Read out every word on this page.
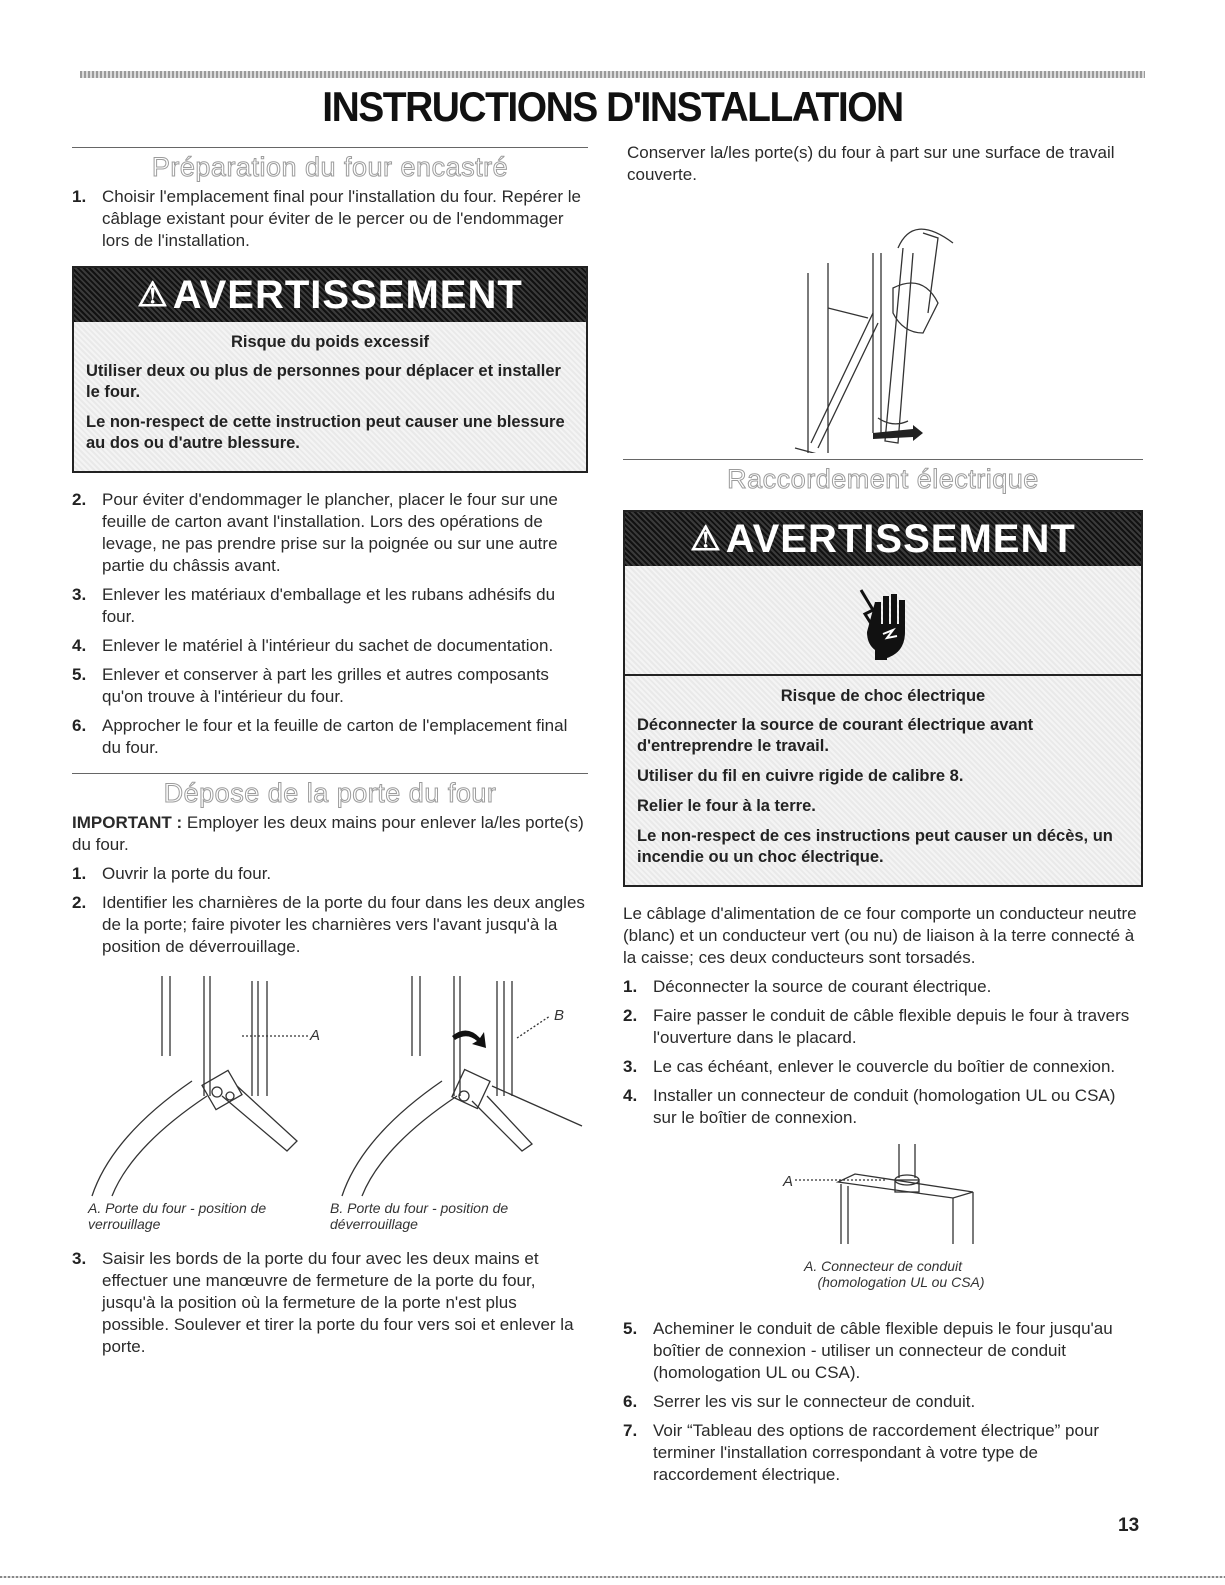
INSTRUCTIONS D'INSTALLATION
Préparation du four encastré
1. Choisir l'emplacement final pour l'installation du four. Repérer le câblage existant pour éviter de le percer ou de l'endommager lors de l'installation.
⚠ AVERTISSEMENT
Risque du poids excessif

Utiliser deux ou plus de personnes pour déplacer et installer le four.

Le non-respect de cette instruction peut causer une blessure au dos ou d'autre blessure.

2. Pour éviter d'endommager le plancher, placer le four sur une feuille de carton avant l'installation. Lors des opérations de levage, ne pas prendre prise sur la poignée ou sur une autre partie du châssis avant.
3. Enlever les matériaux d'emballage et les rubans adhésifs du four.
4. Enlever le matériel à l'intérieur du sachet de documentation.
5. Enlever et conserver à part les grilles et autres composants qu'on trouve à l'intérieur du four.
6. Approcher le four et la feuille de carton de l'emplacement final du four.
Dépose de la porte du four

IMPORTANT : Employer les deux mains pour enlever la/les porte(s) du four.

1. Ouvrir la porte du four.
2. Identifier les charnières de la porte du four dans les deux angles de la porte; faire pivoter les charnières vers l'avant jusqu'à la position de déverrouillage.
A
B
A. Porte du four - position de verrouillage
B. Porte du four - position de déverrouillage
3. Saisir les bords de la porte du four avec les deux mains et effectuer une manœuvre de fermeture de la porte du four, jusqu'à la position où la fermeture de la porte n'est plus possible. Soulever et tirer la porte du four vers soi et enlever la porte.

Conserver la/les porte(s) du four à part sur une surface de travail couverte.

Raccordement électrique
⚠ AVERTISSEMENT
Risque de choc électrique

Déconnecter la source de courant électrique avant d'entreprendre le travail.

Utiliser du fil en cuivre rigide de calibre 8.

Relier le four à la terre.

Le non-respect de ces instructions peut causer un décès, un incendie ou un choc électrique.

Le câblage d'alimentation de ce four comporte un conducteur neutre (blanc) et un conducteur vert (ou nu) de liaison à la terre connecté à la caisse; ces deux conducteurs sont torsadés.

1. Déconnecter la source de courant électrique.
2. Faire passer le conduit de câble flexible depuis le four à travers l'ouverture dans le placard.
3. Le cas échéant, enlever le couvercle du boîtier de connexion.
4. Installer un connecteur de conduit (homologation UL ou CSA) sur le boîtier de connexion.
A
A. Connecteur de conduit
(homologation UL ou CSA)
5. Acheminer le conduit de câble flexible depuis le four jusqu'au boîtier de connexion - utiliser un connecteur de conduit (homologation UL ou CSA).
6. Serrer les vis sur le connecteur de conduit.
7. Voir “Tableau des options de raccordement électrique” pour terminer l'installation correspondant à votre type de raccordement électrique.
13
